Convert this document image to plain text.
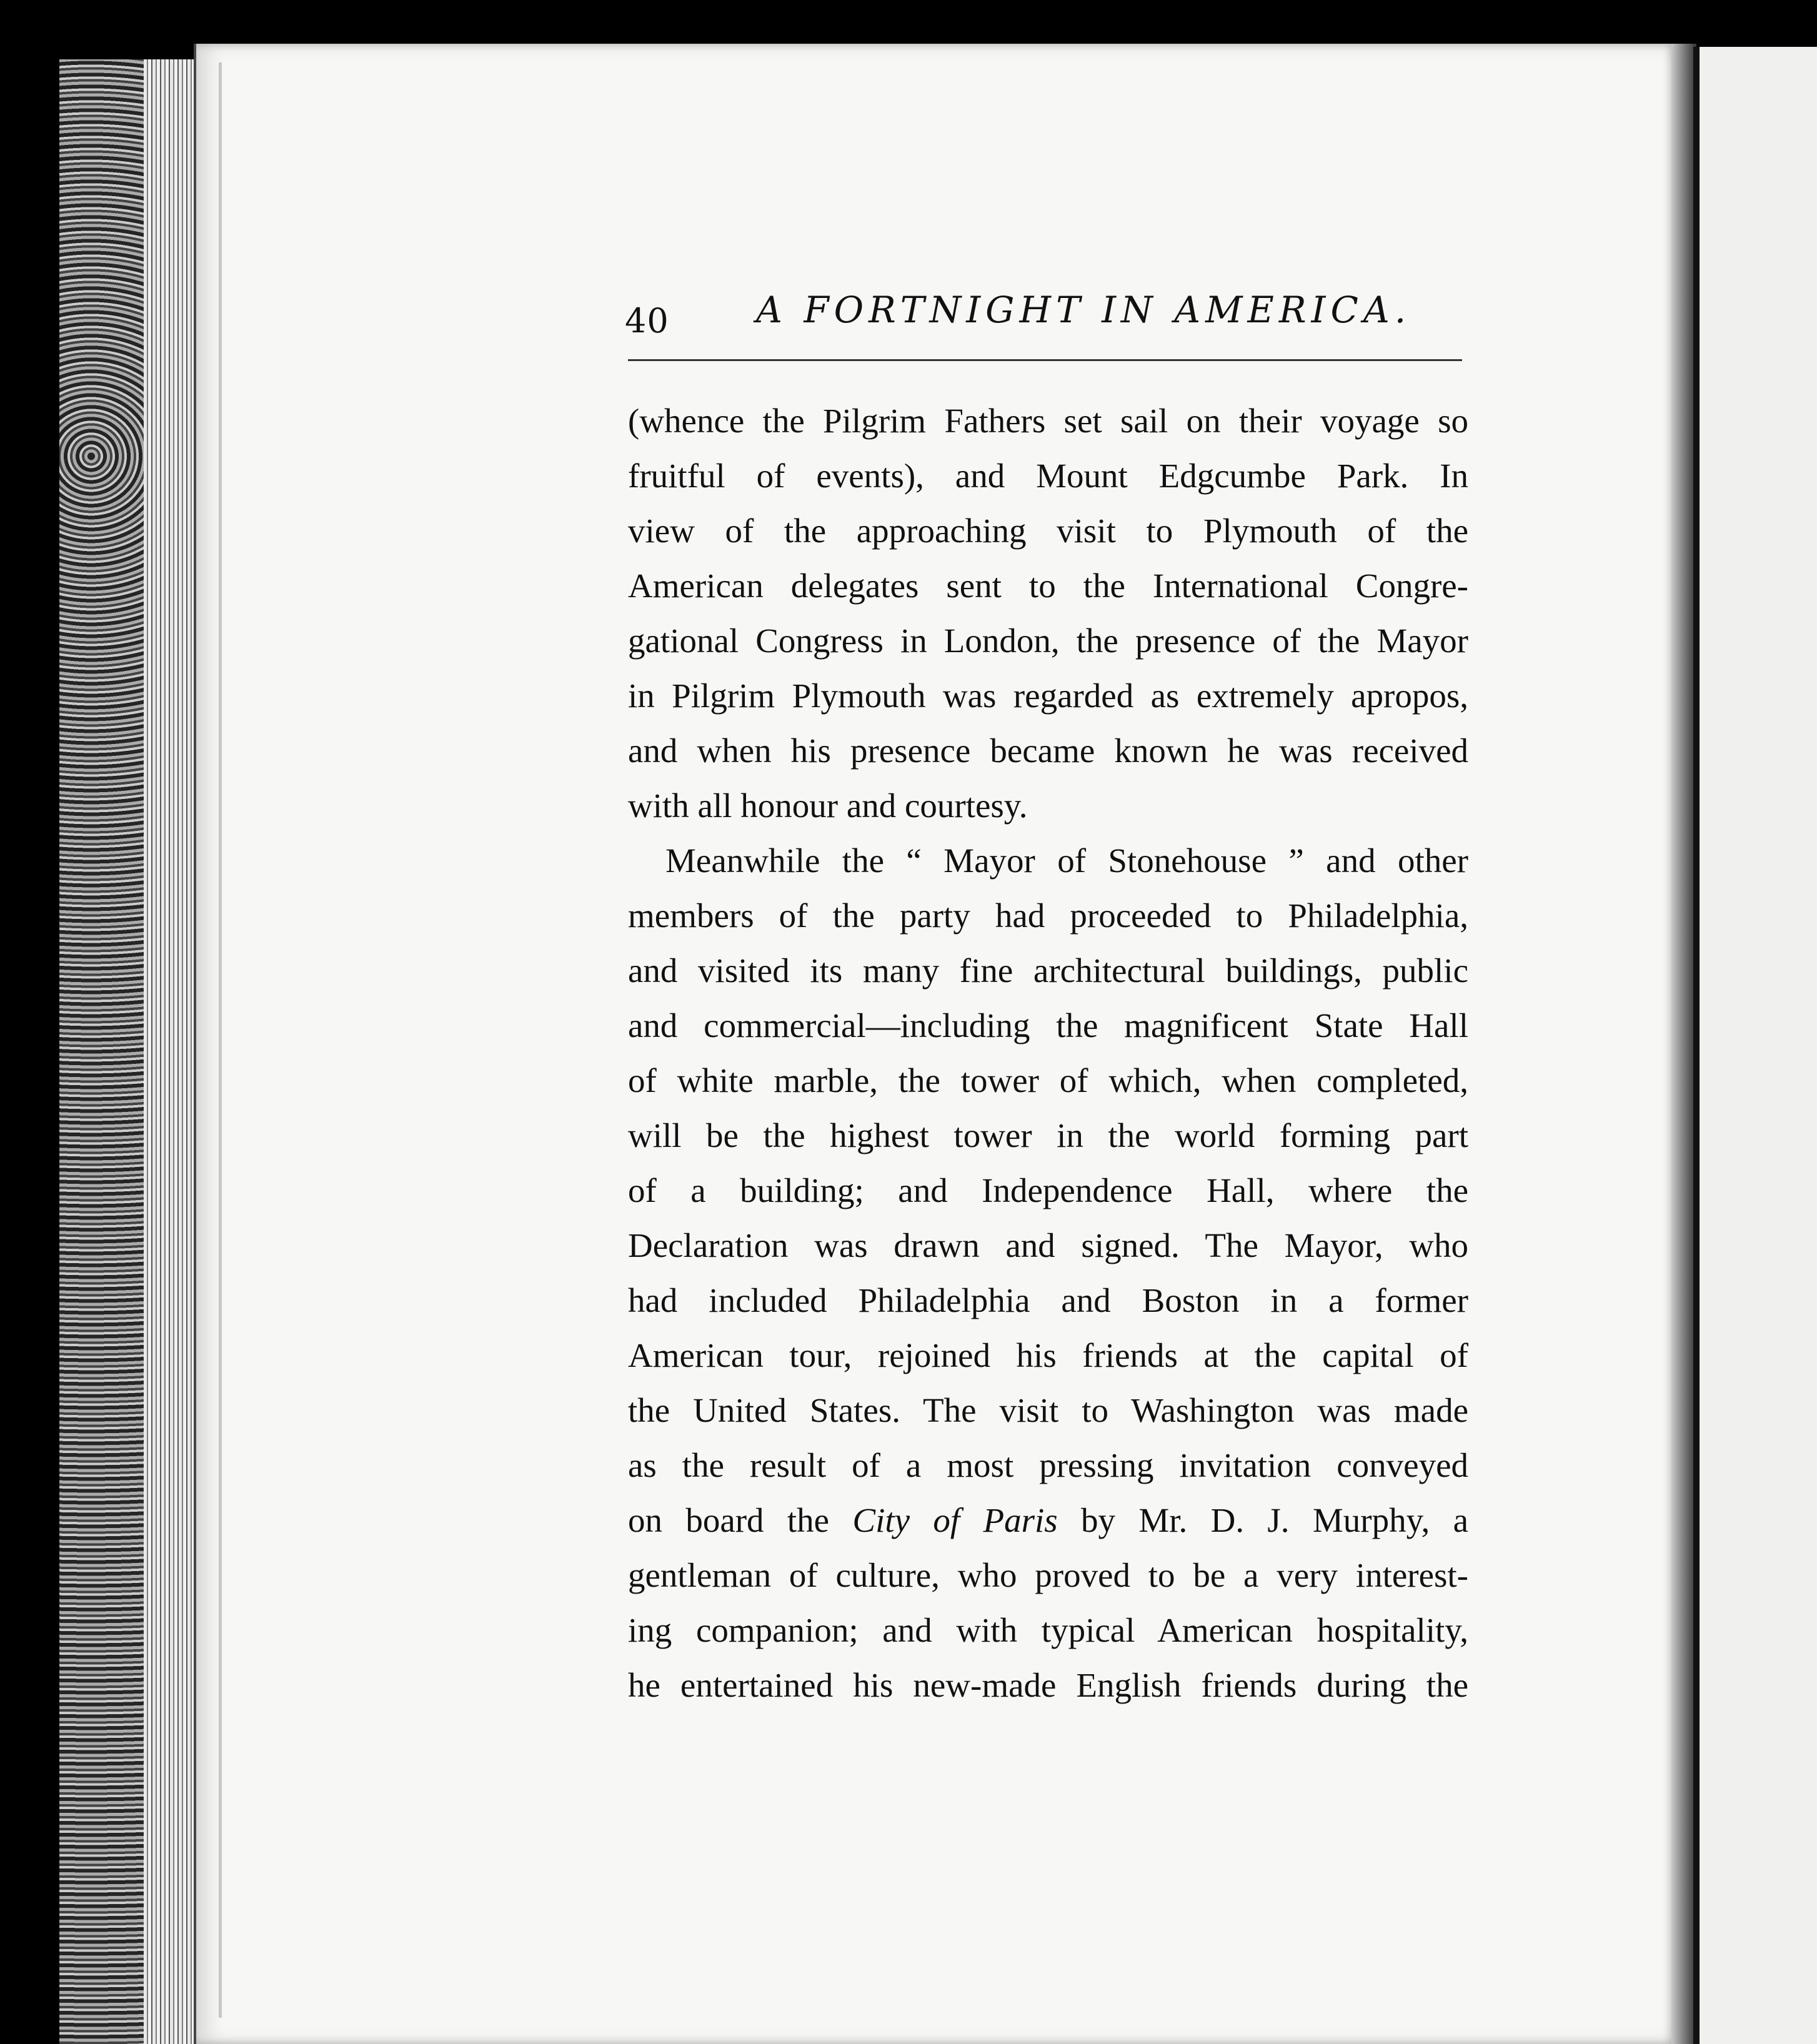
40 A FORTNIGHT IN AMERICA.

(whence the Pilgrim Fathers set sail on their voyage so
fruitful of events), and Mount Edgcumbe Park. In
view of the approaching visit to Plymouth of the
American delegates sent to the International Congre-
gational Congress in London, the presence of the Mayor
in Pilgrim Plymouth was regarded as extremely apropos,
and when his presence became known he was received
with all honour and courtesy.

Meanwhile the “ Mayor of Stonehouse ” and other
members of the party had proceeded to Philadelphia,
and visited its many fine architectural buildings, public
and commercial—including the magnificent State Hall
of white marble, the tower of which, when completed,
will be the highest tower in the world forming part
of a building; and Independence Hall, where the
Declaration was drawn and signed. The Mayor, who
had included Philadelphia and Boston in a former
American tour, rejoined his friends at the capital of
the United States. The visit to Washington was made
as the result of a most pressing invitation conveyed
on board the City of Paris by Mr. D. J. Murphy, a
gentleman of culture, who proved to be a very interest-
ing companion; and with typical American hospitality,
he entertained his new-made English friends during the
